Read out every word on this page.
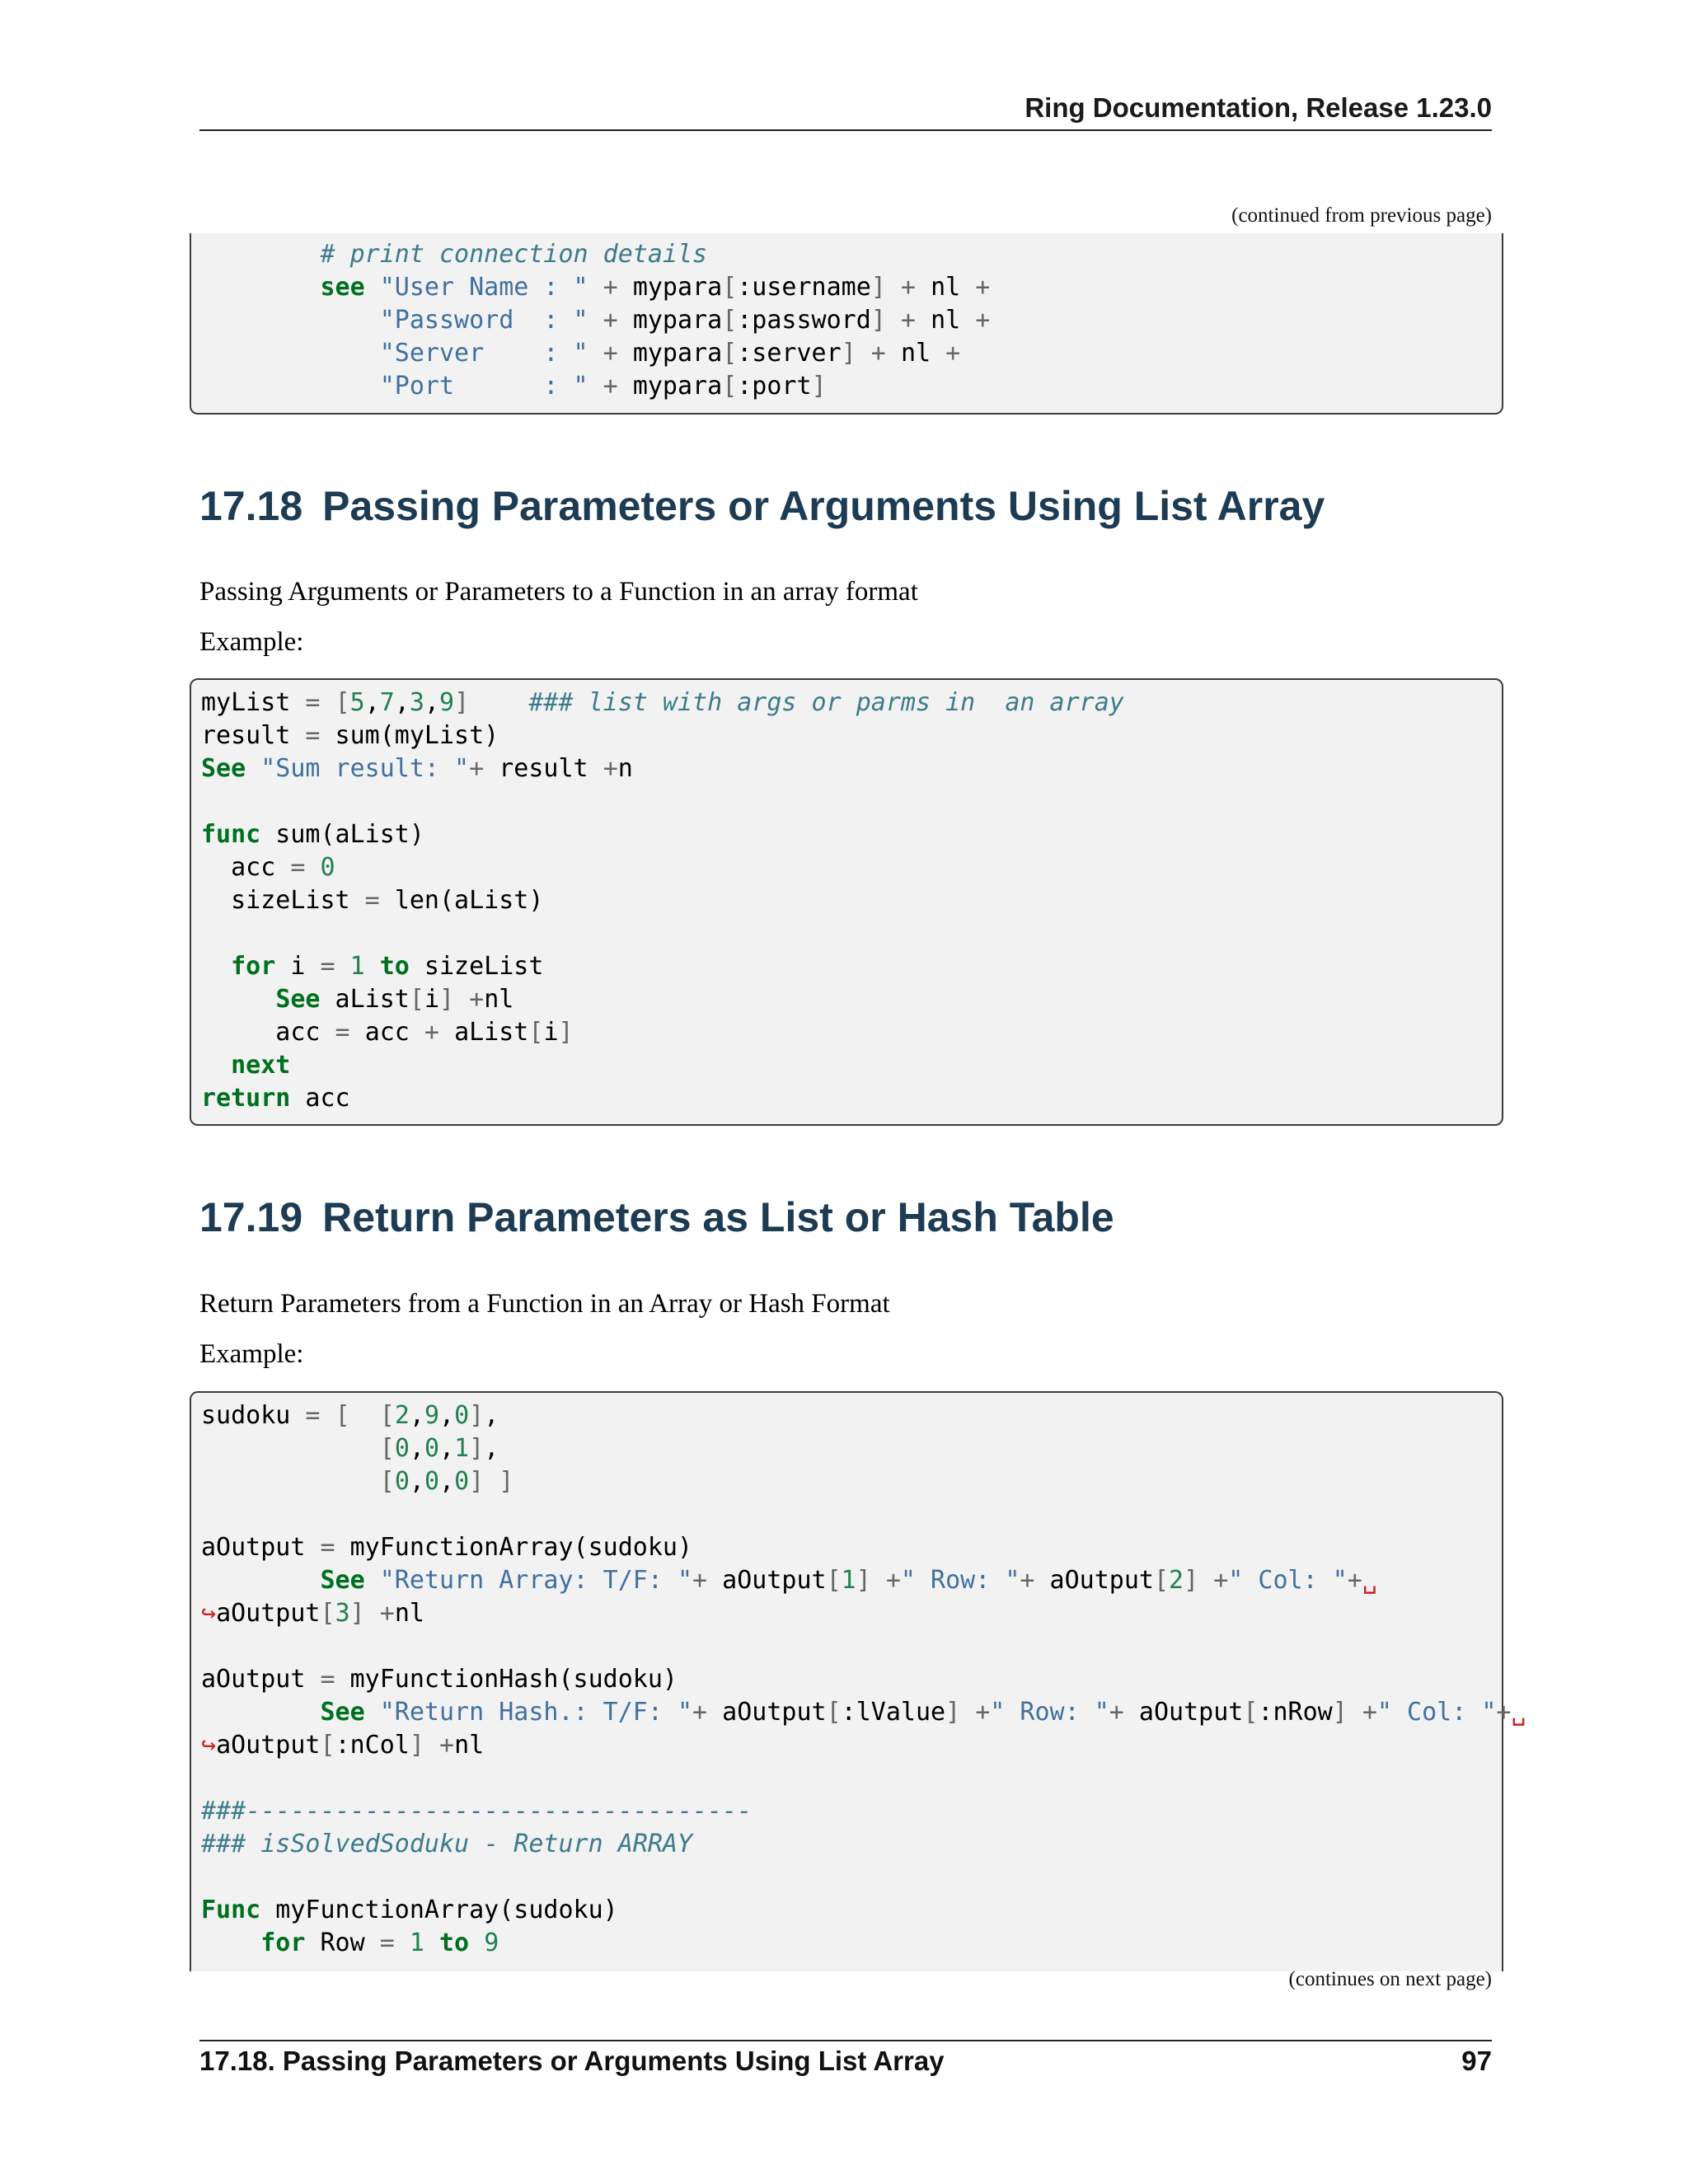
Ring Documentation, Release 1.23.0
(continued from previous page)
# print connection details
see "User Name : " + mypara[:username] + nl +
"Password  : " + mypara[:password] + nl +
"Server    : " + mypara[:server] + nl +
"Port      : " + mypara[:port]
17.18 Passing Parameters or Arguments Using List Array
Passing Arguments or Parameters to a Function in an array format
Example:
myList = [5,7,3,9] ### list with args or parms in  an array
result = sum(myList)
See "Sum result: "+ result +n
func sum(aList)
acc = 0
sizeList = len(aList)
for i = 1 to sizeList
See aList[i] +nl
acc = acc + aList[i]
next
return acc
17.19 Return Parameters as List or Hash Table
Return Parameters from a Function in an Array or Hash Format
Example:
sudoku = [  [2,9,0],
[0,0,1],
[0,0,0] ]
aOutput = myFunctionArray(sudoku)
See "Return Array: T/F: "+ aOutput[1] +" Row: "+ aOutput[2] +" Col: "+␣
↪aOutput[3] +nl
aOutput = myFunctionHash(sudoku)
See "Return Hash.: T/F: "+ aOutput[:lValue] +" Row: "+ aOutput[:nRow] +" Col: "+␣
↪aOutput[:nCol] +nl
###----------------------------------
### isSolvedSoduku - Return ARRAY
Func myFunctionArray(sudoku)
for Row = 1 to 9
(continues on next page)
17.18. Passing Parameters or Arguments Using List Array	97
